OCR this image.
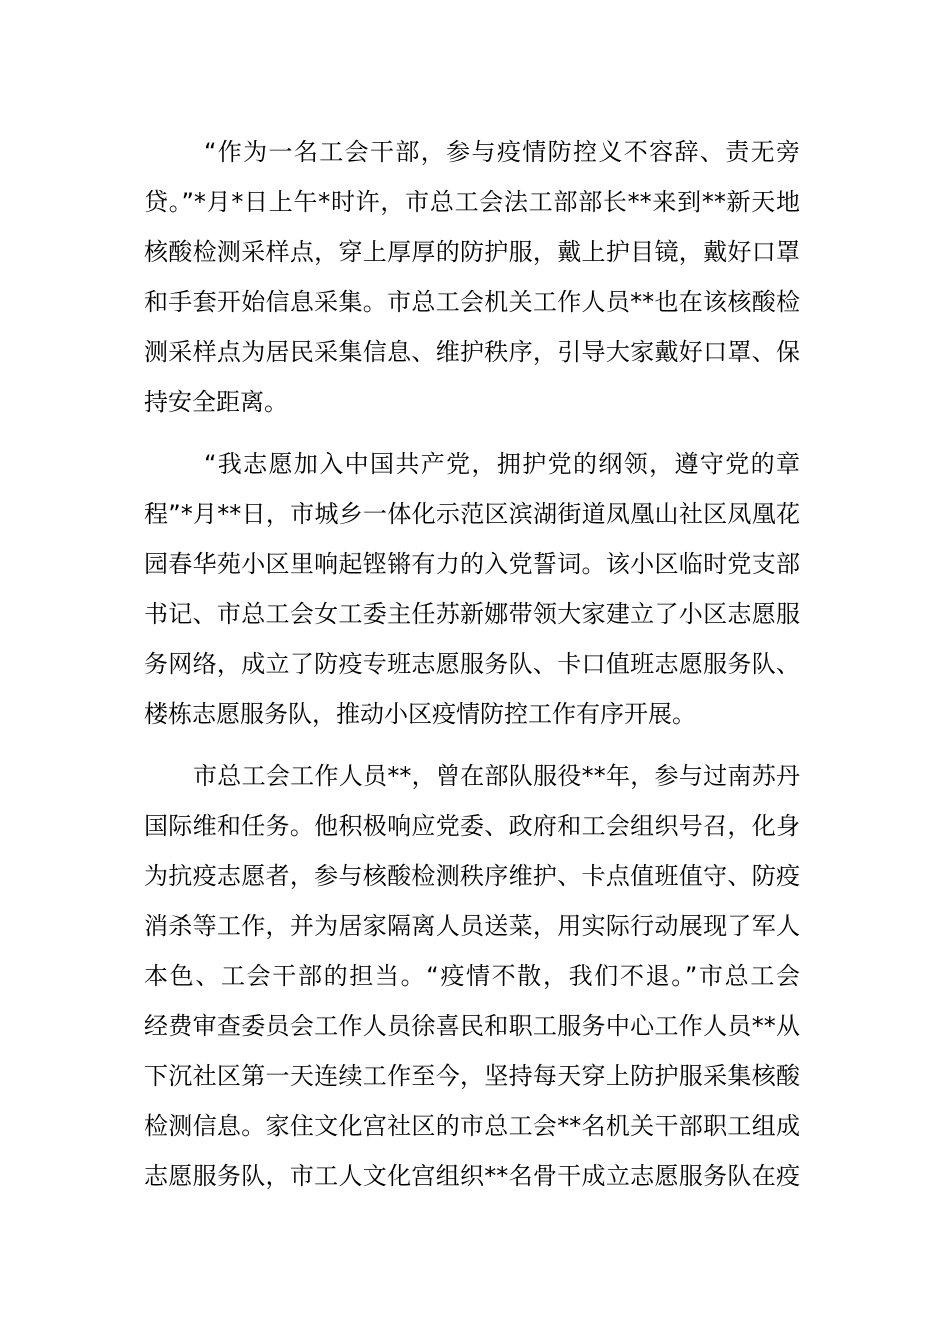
“作为一名工会干部，参与疫情防控义不容辞、责无旁
贷。”*月*日上午*时许，市总工会法工部部长**来到**新天地
核酸检测采样点，穿上厚厚的防护服，戴上护目镜，戴好口罩
和手套开始信息采集。市总工会机关工作人员**也在该核酸检
测采样点为居民采集信息、维护秩序，引导大家戴好口罩、保
持安全距离。
“我志愿加入中国共产党，拥护党的纲领，遵守党的章
程”*月**日，市城乡一体化示范区滨湖街道凤凰山社区凤凰花
园春华苑小区里响起铿锵有力的入党誓词。该小区临时党支部
书记、市总工会女工委主任苏新娜带领大家建立了小区志愿服
务网络，成立了防疫专班志愿服务队、卡口值班志愿服务队、
楼栋志愿服务队，推动小区疫情防控工作有序开展。
市总工会工作人员**，曾在部队服役**年，参与过南苏丹
国际维和任务。他积极响应党委、政府和工会组织号召，化身
为抗疫志愿者，参与核酸检测秩序维护、卡点值班值守、防疫
消杀等工作，并为居家隔离人员送菜，用实际行动展现了军人
本色、工会干部的担当。“疫情不散，我们不退。”市总工会
经费审查委员会工作人员徐喜民和职工服务中心工作人员**从
下沉社区第一天连续工作至今，坚持每天穿上防护服采集核酸
检测信息。家住文化宫社区的市总工会**名机关干部职工组成
志愿服务队，市工人文化宫组织**名骨干成立志愿服务队在疫
